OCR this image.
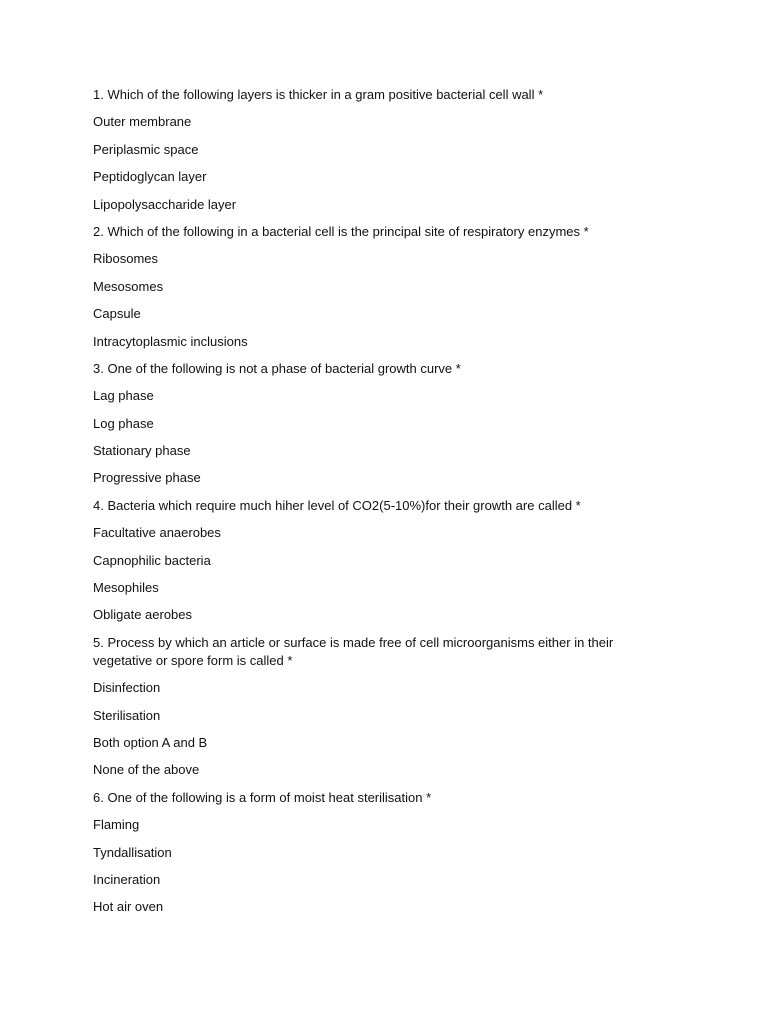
1. Which of the following layers is thicker in a gram positive bacterial cell wall *

Outer membrane

Periplasmic space

Peptidoglycan layer

Lipopolysaccharide layer

2. Which of the following in a bacterial cell is the principal site of respiratory enzymes *

Ribosomes

Mesosomes

Capsule

Intracytoplasmic inclusions

3. One of the following is not a phase of bacterial growth curve *

Lag phase

Log phase

Stationary phase

Progressive phase

4. Bacteria which require much hiher level of CO2(5-10%)for their growth are called *

Facultative anaerobes

Capnophilic bacteria

Mesophiles

Obligate aerobes

5. Process by which an article or surface is made free of cell microorganisms either in their vegetative or spore form is called *

Disinfection

Sterilisation

Both option A and B

None of the above

6. One of the following is a form of moist heat sterilisation *

Flaming

Tyndallisation

Incineration

Hot air oven
